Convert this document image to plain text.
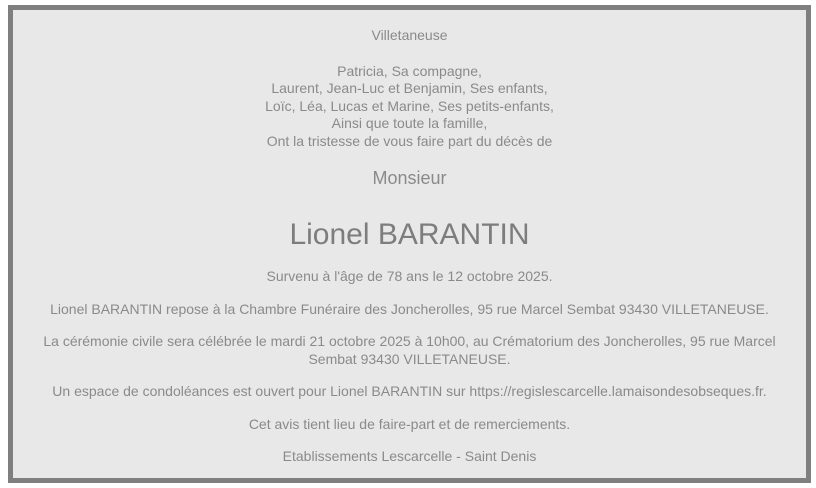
Villetaneuse
Patricia, Sa compagne,
Laurent, Jean-Luc et Benjamin, Ses enfants,
Loïc, Léa, Lucas et Marine, Ses petits-enfants,
Ainsi que toute la famille,
Ont la tristesse de vous faire part du décès de
Monsieur
Lionel BARANTIN
Survenu à l'âge de 78 ans le 12 octobre 2025.
Lionel BARANTIN repose à la Chambre Funéraire des Joncherolles, 95 rue Marcel Sembat 93430 VILLETANEUSE.
La cérémonie civile sera célébrée le mardi 21 octobre 2025 à 10h00, au Crématorium des Joncherolles, 95 rue Marcel Sembat 93430 VILLETANEUSE.
Un espace de condoléances est ouvert pour Lionel BARANTIN sur https://regislescarcelle.lamaisondesobseques.fr.
Cet avis tient lieu de faire-part et de remerciements.
Etablissements Lescarcelle - Saint Denis
